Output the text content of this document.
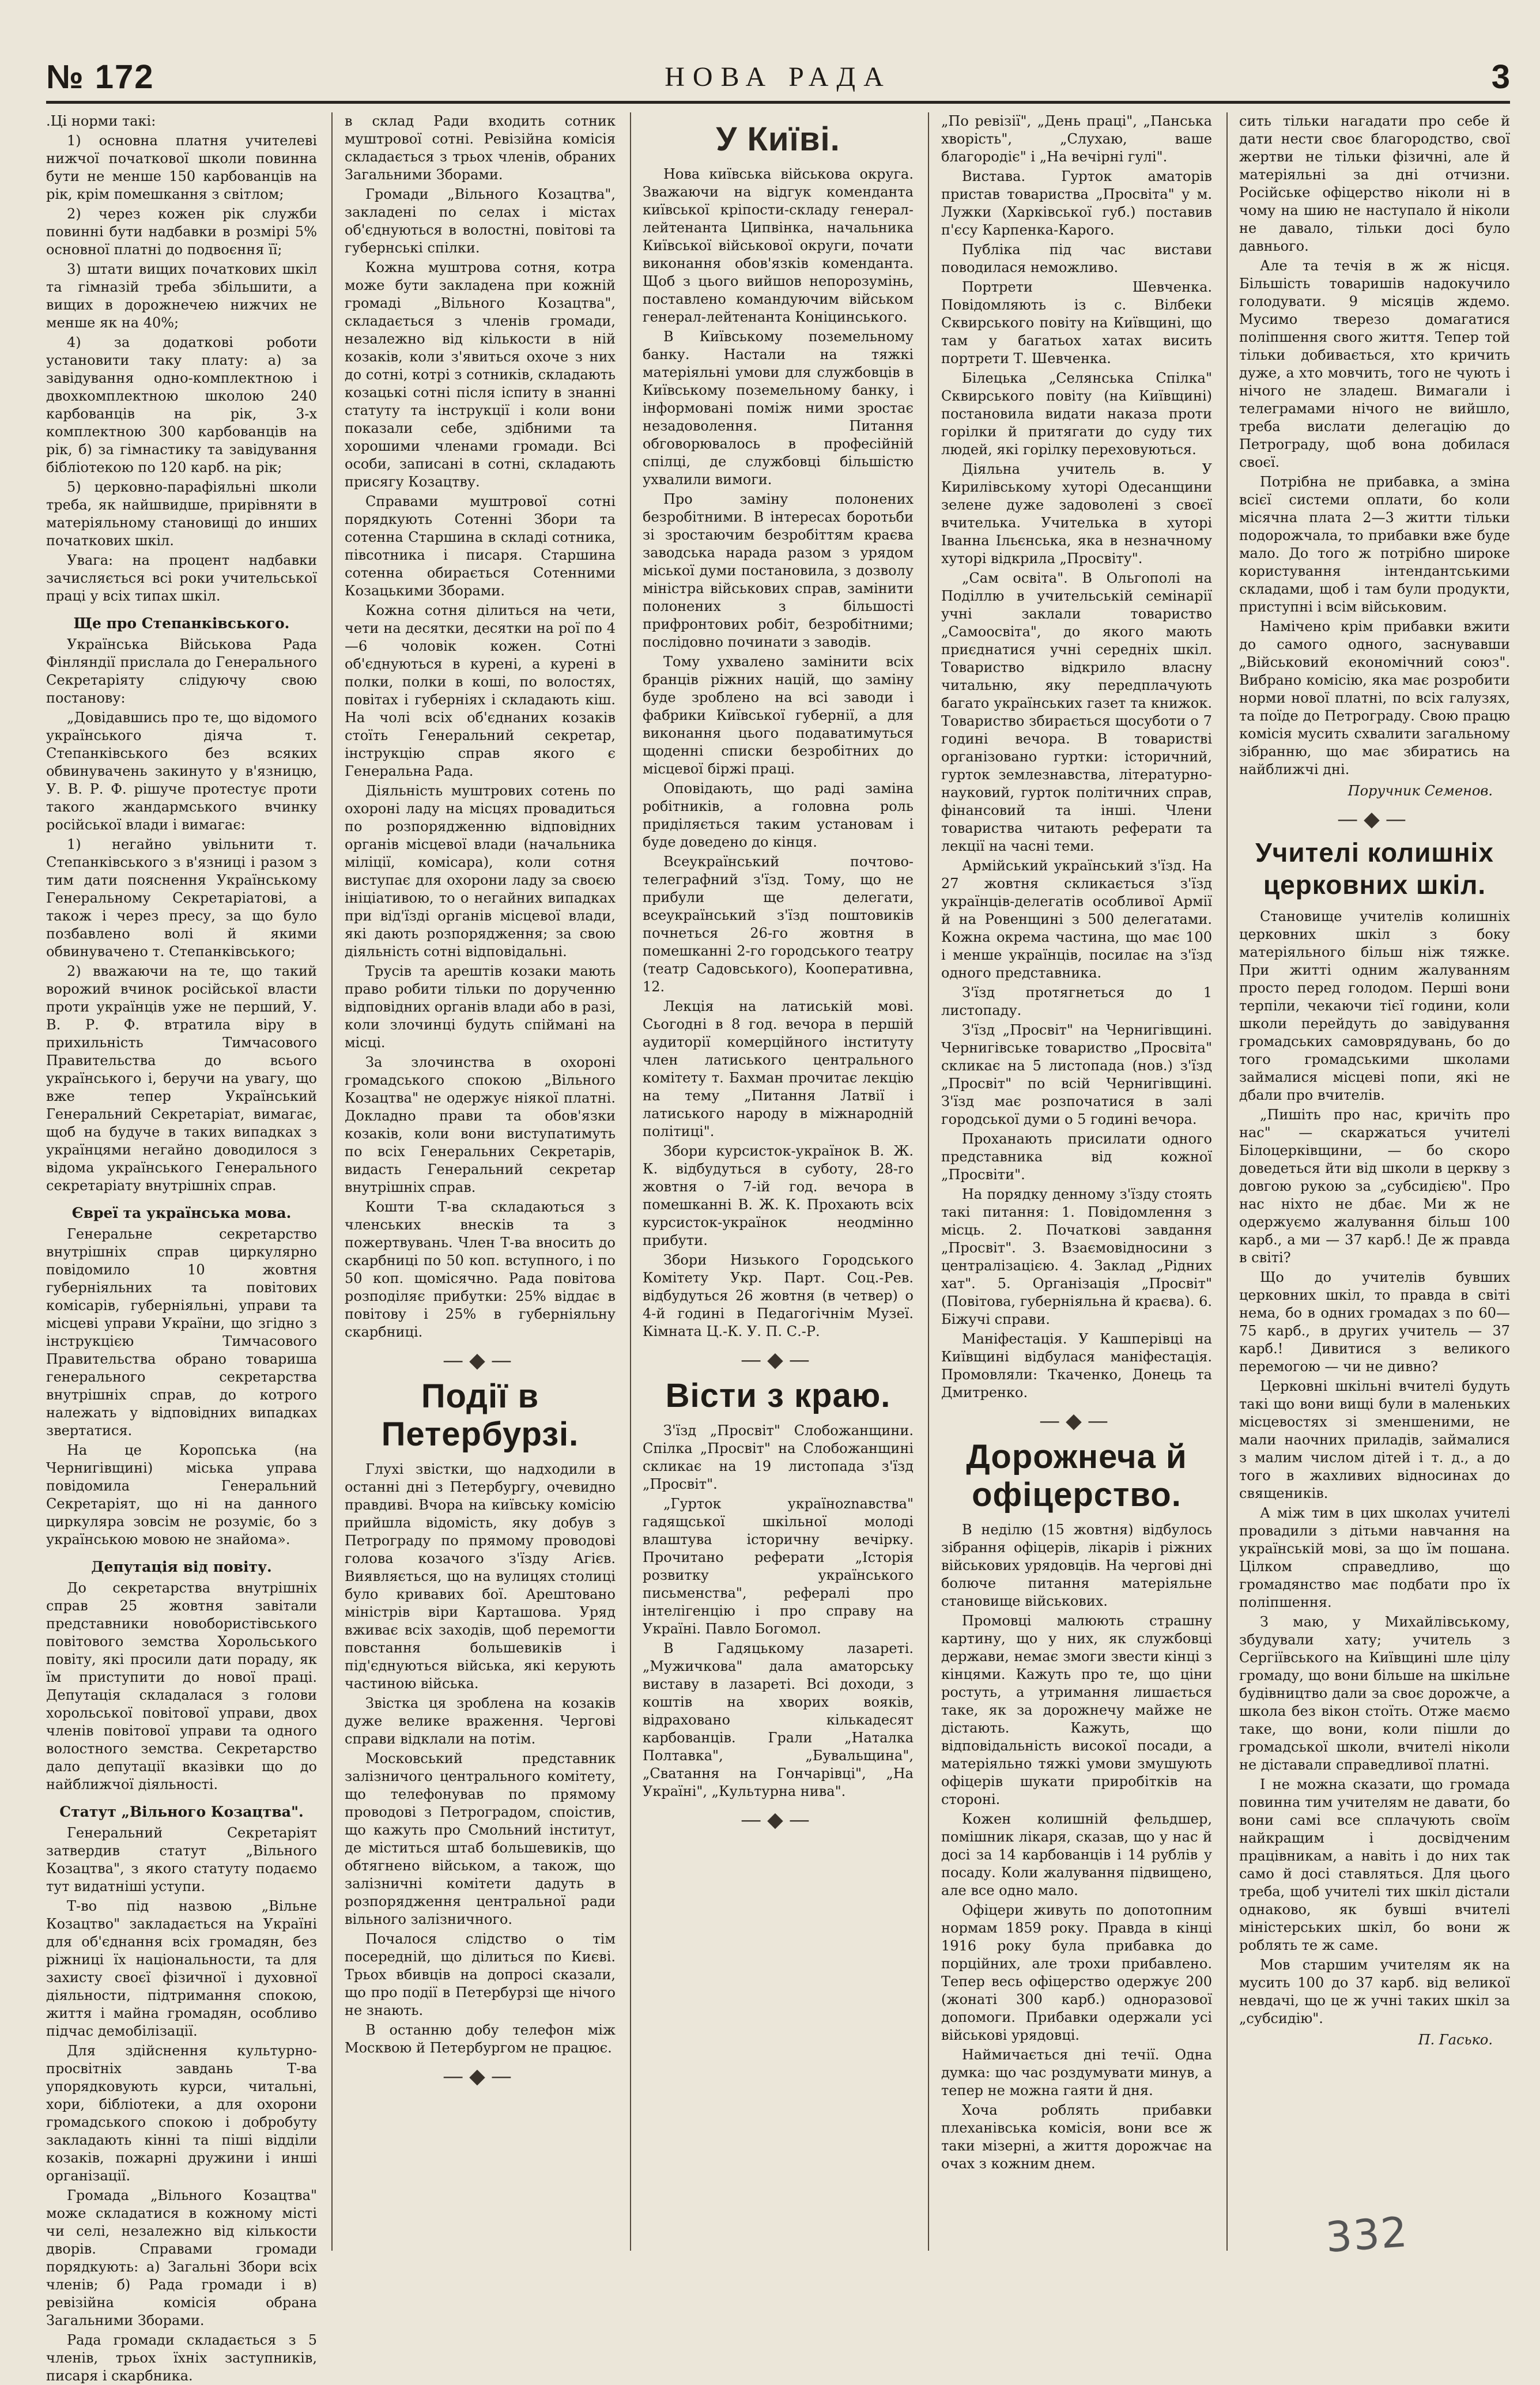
№ 172	НОВА РАДА	3

.Ці норми такі:

1) основна платня учителеві нижчої початкової школи повинна бути не менше 150 карбованців на рік, крім помешкання з світлом;

2) через кожен рік служби повинні бути надбавки в розмірі 5% основної платні до подвоєння її;

3) штати вищих початкових шкіл та гімназій треба збільшити, а вищих в дорожнечею нижчих не менше як на 40%;

4) за додаткові роботи установити таку плату: а) за завідування одно-комплектною і двохкомплектною школою 240 карбованців на рік, 3-х комплектною 300 карбованців на рік, б) за гімнастику та завідування бібліотекою по 120 карб. на рік;

5) церковно-парафіяльні школи треба, як найшвидше, прирівняти в матеріяльному становищі до инших початкових шкіл.

Увага: на процент надбавки зачисляється всі роки учительської праці у всіх типах шкіл.

Ще про Степанківського.

Українська Військова Рада Фінляндії прислала до Генерального Секретаріяту слідуючу свою постанову:

„Довідавшись про те, що відомого українського діяча т. Степанківського без всяких обвинувачень закинуто у в'язницю, У. В. Р. Ф. рішуче протестує проти такого жандармського вчинку російської влади і вимагає:

1) негайно увільнити т. Степанківського з в'язниці і разом з тим дати пояснення Українському Генеральному Секретаріатові, а також і через пресу, за що було позбавлено волі й якими обвинувачено т. Степанківського;

2) вважаючи на те, що такий ворожий вчинок російської власти проти українців уже не перший, У. В. Р. Ф. втратила віру в прихильність Тимчасового Правительства до всього українського і, беручи на увагу, що вже тепер Український Генеральний Секретаріат, вимагає, щоб на будуче в таких випадках з українцями негайно доводилося з відома українського Генерального секретаріату внутрішніх справ.

Євреї та українська мова.

Генеральне секретарство внутрішніх справ циркулярно повідомило 10 жовтня губерніяльних та повітових комісарів, губерніяльні, управи та місцеві управи України, що згідно з інструкцією Тимчасового Правительства обрано товариша генерального секретарства внутрішніх справ, до котрого належать у відповідних випадках звертатися.

На це Коропська (на Чернигівщині) міська управа повідомила Генеральний Секретаріят, що ні на данного циркуляра зовсім не розуміє, бо з українською мовою не знайома».

Депутація від повіту.

До секретарства внутрішніх справ 25 жовтня завітали представники новобористівського повітового земства Хорольського повіту, які просили дати пораду, як їм приступити до нової праці. Депутація складалася з голови хорольської повітової управи, двох членів повітової управи та одного волостного земства. Секретарство дало депутації вказівки що до найближчої діяльності.

Статут „Вільного Козацтва".

Генеральний Секретаріят затвердив статут „Вільного Козацтва", з якого статуту подаємо тут видатніші уступи.

Т-во під назвою „Вільне Козацтво" закладається на Україні для об'єднання всіх громадян, без ріжниці їх національности, та для захисту своєї фізичної і духовної діяльности, підтримання спокою, життя і майна громадян, особливо підчас демобілізації.

Для здійснення культурно-просвітніх завдань Т-ва упорядковують курси, читальні, хори, бібліотеки, а для охорони громадського спокою і добробуту закладають кінні та піші відділи козаків, пожарні дружини і инші організації.

Громада „Вільного Козацтва" може складатися в кожному місті чи селі, незалежно від кількости дворів. Справами громади порядкують: а) Загальні Збори всіх членів; б) Рада громади і в) ревізійна комісія обрана Загальними Зборами.

Рада громади складається з 5 членів, трьох їхніх заступників, писаря і скарбника.

в склад Ради входить сотник муштрової сотні. Ревізійна комісія складається з трьох членів, обраних Загальними Зборами.

Громади „Вільного Козацтва", закладені по селах і містах об'єднуються в волостні, повітові та губернські спілки.

Кожна муштрова сотня, котра може бути закладена при кожній громаді „Вільного Козацтва", складається з членів громади, незалежно від кількости в ній козаків, коли з'явиться охоче з них до сотні, котрі з сотників, складають козацькі сотні після іспиту в знанні статуту та інструкції і коли вони показали себе, здібними та хорошими членами громади. Всі особи, записані в сотні, складають присягу Козацтву.

Справами муштрової сотні порядкують Сотенні Збори та сотенна Старшина в складі сотника, півсотника і писаря. Старшина сотенна обирається Сотенними Козацькими Зборами.

Кожна сотня ділиться на чети, чети на десятки, десятки на рої по 4—6 чоловік кожен. Сотні об'єднуються в курені, а курені в полки, полки в коші, по волостях, повітах і губерніях і складають кіш. На чолі всіх об'єднаних козаків стоїть Генеральний секретар, інструкцію справ якого є Генеральна Рада.

Діяльність муштрових сотень по охороні ладу на місцях провадиться по розпорядженню відповідних органів місцевої влади (начальника міліції, комісара), коли сотня виступає для охорони ладу за своєю ініціативою, то о негайних випадках при від'їзді органів місцевої влади, які дають розпорядження; за свою діяльність сотні відповідальні.

Трусів та арештів козаки мають право робити тільки по дорученню відповідних органів влади або в разі, коли злочинці будуть спіймані на місці.

За злочинства в охороні громадського спокою „Вільного Козацтва" не одержує ніякої платні. Докладно прави та обов'язки козаків, коли вони виступатимуть по всіх Генеральних Секретарів, видасть Генеральний секретар внутрішніх справ.

Кошти Т-ва складаються з членських внесків та з пожертвувань. Член Т-ва вносить до скарбниці по 50 коп. вступного, і по 50 коп. щомісячно. Рада повітова розподіляє прибутки: 25% віддає в повітову і 25% в губерніяльну скарбниці.

—◆—
Події в Петербурзі.

Глухі звістки, що надходили в останні дні з Петербургу, очевидно правдиві. Вчора на київську комісію прийшла відомість, яку добув з Петрограду по прямому проводові голова козачого з'їзду Агієв. Виявляється, що на вулицях столиці було кривавих бої. Арештовано міністрів віри Карташова. Уряд вживає всіх заходів, щоб перемогти повстання большевиків і під'єднуються війська, які керують частиною війська.

Звістка ця зроблена на козаків дуже велике враження. Чергові справи відклали на потім.

Московський представник залізничого центрального комітету, що телефонував по прямому проводові з Петроградом, споістив, що кажуть про Смольний інститут, де міститься штаб большевиків, що обтягнено військом, а також, що залізничні комітети дадуть в розпорядження центральної ради вільного залізничного.

Почалося слідство о тім посередній, що ділиться по Києві. Трьох вбивців на допросі сказали, що про події в Петербурзі ще нічого не знають.

В останню добу телефон між Москвою й Петербургом не працює.

—◆—
У Київі.

Нова київська військова округа. Зважаючи на відгук коменданта київської кріпости-складу генерал-лейтенанта Ципвінка, начальника Київської військової округи, почати виконання обов'язків коменданта. Щоб з цього вийшов непорозумінь, поставлено командуючим військом генерал-лейтенанта Коніцинського.

В Київському поземельному банку. Настали на тяжкі матеріяльні умови для службовців в Київському поземельному банку, і інформовані поміж ними зростає незадоволення. Питання обговорювалось в професійній спілці, де службовці більшістю ухвалили вимоги.

Про заміну полонених безробітними. В інтересах боротьби зі зростаючим безробіттям краєва заводська нарада разом з урядом міської думи постановила, з дозволу міністра військових справ, замінити полонених з більшості прифронтових робіт, безробітними; послідовно починати з заводів.

Тому ухвалено замінити всіх бранців ріжних націй, що заміну буде зроблено на всі заводи і фабрики Київської губернії, а для виконання цього подаватимуться щоденні списки безробітних до місцевої біржі праці.

Оповідають, що раді заміна робітників, а головна роль приділяється таким установам і буде доведено до кінця.

Всеукраїнський почтово-телеграфний з'їзд. Тому, що не прибули ще делегати, всеукраїнський з'їзд поштовиків почнеться 26-го жовтня в помешканні 2-го городського театру (театр Садовського), Кооперативна, 12.

Лекція на латиській мові. Сьогодні в 8 год. вечора в першій аудиторії комерційного інституту член латиського центрального комітету т. Бахман прочитає лекцію на тему „Питання Латвії і латиського народу в міжнародній політиці".

Збори курсисток-українок В. Ж. К. відбудуться в суботу, 28-го жовтня о 7-ій год. вечора в помешканні В. Ж. К. Прохають всіх курсисток-українок неодмінно прибути.

Збори Низького Городського Комітету Укр. Парт. Соц.-Рев. відбудуться 26 жовтня (в четвер) о 4-й годині в Педагогічнім Музеї. Кімната Ц.-К. У. П. С.-Р.

—◆—
Вісти з краю.

З'їзд „Просвіт" Слобожанщини. Спілка „Просвіт" на Слобожанщині скликає на 19 листопада з'їзд „Просвіт".

„Гурток україноznавства" гадящської шкільної молоді влаштува історичну вечірку. Прочитано реферати „Історія розвитку українського письменства", рефералі про інтелігенцію і про справу на Україні. Павло Богомол.

В Гадяцькому лазареті. „Мужичкова" дала аматорську виставу в лазареті. Всі доходи, з коштів на хворих вояків, відраховано кількадесят карбованців. Грали „Наталка Полтавка", „Бувальщина", „Сватання на Гончарівці", „На Україні", „Культурна нива".

—◆—

„По ревізії", „День праці", „Панська хворість", „Слухаю, ваше благородіє" і „На вечірні гулі".

Вистава. Гурток аматорів пристав товариства „Просвіта" у м. Лужки (Харківської губ.) поставив п'єсу Карпенка-Карого.

Публіка під час вистави поводилася неможливо.

Портрети Шевченка. Повідомляють із с. Вілбеки Сквирського повіту на Київщині, що там у багатьох хатах висить портрети Т. Шевченка.

Білецька „Селянська Спілка" Сквирського повіту (на Київщині) постановила видати наказа проти горілки й притягати до суду тих людей, які горілку переховуються.

Діяльна учитель в. У Кирилівському хуторі Одесанщини зелене дуже задоволені з своєї вчителька. Учителька в хуторі Іванна Ільєнська, яка в незначному хуторі відкрила „Просвіту".

„Сам освіта". В Ольгополі на Поділлю в учительській семінарії учні заклали товариство „Самоосвіта", до якого мають приєднатися учні середніх шкіл. Товариство відкрило власну читальню, яку передплачують багато українських газет та книжок. Товариство збирається щосуботи о 7 годині вечора. В товаристві організовано гуртки: історичний, гурток землезнавства, літературно-науковий, гурток політичних справ, фінансовий та інші. Члени товариства читають реферати та лекції на часні теми.

Армійський український з'їзд. На 27 жовтня скликається з'їзд українців-делегатів особливої Армії й на Ровенщині з 500 делегатами. Кожна окрема частина, що має 100 і менше українців, посилає на з'їзд одного представника.

З'їзд протягнеться до 1 листопаду.

З'їзд „Просвіт" на Чернигівщині. Чернигівське товариство „Просвіта" скликає на 5 листопада (нов.) з'їзд „Просвіт" по всій Чернигівщині. З'їзд має розпочатися в залі городської думи о 5 годині вечора.

Проханають присилати одного представника від кожної „Просвіти".

На порядку денному з'їзду стоять такі питання: 1. Повідомлення з місць. 2. Початкові завдання „Просвіт". 3. Взаємовідносини з централізацією. 4. Заклад „Рідних хат". 5. Організація „Просвіт" (Повітова, губерніяльна й краєва). 6. Біжучі справи.

Маніфестація. У Кашперівці на Київщині відбулася маніфестація. Промовляли: Ткаченко, Донець та Дмитренко.

—◆—
Дорожнеча й офіцерство.

В неділю (15 жовтня) відбулось зібрання офіцерів, лікарів і ріжних військових урядовців. На чергові дні болюче питання матеріяльне становище військових.

Промовці малюють страшну картину, що у них, як службовці держави, немає змоги звести кінці з кінцями. Кажуть про те, що ціни ростуть, а утримання лишається таке, як за дорожнечу майже не дістають. Кажуть, що відповідальність високої посади, а матеріяльно тяжкі умови змушують офіцерів шукати приробітків на стороні.

Кожен колишній фельдшер, помішник лікаря, сказав, що у нас й досі за 14 карбованців і 14 рублів у посаду. Коли жалування підвищено, але все одно мало.

Офіцери живуть по допотопним нормам 1859 року. Правда в кінці 1916 року була прибавка до порційних, але трохи прибавлено. Тепер весь офіцерство одержує 200 (жонаті 300 карб.) одноразової допомоги. Прибавки одержали усі військові урядовці.

Наймичається дні течії. Одна думка: що час роздумувати минув, а тепер не можна гаяти й дня.

Хоча роблять прибавки плеханівська комісія, вони все ж таки мізерні, а життя дорожчає на очах з кожним днем.

сить тільки нагадати про себе й дати нести своє благородство, свої жертви не тільки фізичні, але й матеріяльні за дні отчизни. Російське офіцерство ніколи ні в чому на шию не наступало й ніколи не давало, тільки досі було давнього.

Але та течія в ж ж нісця. Більшість товаришів надокучило голодувати. 9 місяців ждемо. Мусимо тверезо домагатися поліпшення свого життя. Тепер той тільки добивається, хто кричить дуже, а хто мовчить, того не чують і нічого не зладеш. Вимагали і телеграмами нічого не вийшло, треба вислати делегацію до Петрограду, щоб вона добилася своєї.

Потрібна не прибавка, а зміна всієї системи оплати, бо коли місячна плата 2—3 житти тільки подорожчала, то прибавки вже буде мало. До того ж потрібно широке користування інтендантськими складами, щоб і там були продукти, приступні і всім військовим.

Намічено крім прибавки вжити до самого одного, заснувавши „Військовий економічний союз". Вибрано комісію, яка має розробити норми нової платні, по всіх галузях, та поїде до Петрограду. Свою працю комісія мусить схвалити загальному зібранню, що має збиратись на найближчі дні.

Поручник Семенов.
—◆—
Учителі колишніх церковних шкіл.

Становище учителів колишніх церковних шкіл з боку матеріяльного більш ніж тяжке. При житті одним жалуванням просто перед голодом. Перші вони терпіли, чекаючи тієї години, коли школи перейдуть до завідування громадських самоврядувань, бо до того громадськими школами займалися місцеві попи, які не дбали про вчителів.

„Пишіть про нас, кричіть про нас" — скаржаться учителі Білоцерківщини, — бо скоро доведеться йти від школи в церкву з довгою рукою за „субсидією". Про нас ніхто не дбає. Ми ж не одержуємо жалування більш 100 карб., а ми — 37 карб.! Де ж правда в світі?

Що до учителів бувших церковних шкіл, то правда в світі нема, бо в одних громадах з по 60—75 карб., в других учитель — 37 карб.! Дивитися з великого перемогою — чи не дивно?

Церковні шкільні вчителі будуть такі що вони вищі були в маленьких місцевостях зі зменшеними, не мали наочних приладів, займалися з малим числом дітей і т. д., а до того в жахливих відносинах до священиків.

А між тим в цих школах учителі провадили з дітьми навчання на українській мові, за що їм пошана. Цілком справедливо, що громадянство має подбати про їх поліпшення.

З маю, у Михайлівському, збудували хату; учитель з Сергіївського на Київщині шле цілу громаду, що вони більше на шкільне будівництво дали за своє дорожче, а школа без вікон стоїть. Отже маємо таке, що вони, коли пішли до громадської школи, вчителі ніколи не діставали справедливої платні.

І не можна сказати, що громада повинна тим учителям не давати, бо вони самі все сплачують своїм найкращим і досвідченим працівникам, а навіть і до них так само й досі ставляться. Для цього треба, щоб учителі тих шкіл дістали однаково, як бувші вчителі міністерських шкіл, бо вони ж роблять те ж саме.

Мов старшим учителям як на мусить 100 до 37 карб. від великої невдачі, що це ж учні таких шкіл за „субсидію".

П. Гасько.
332
